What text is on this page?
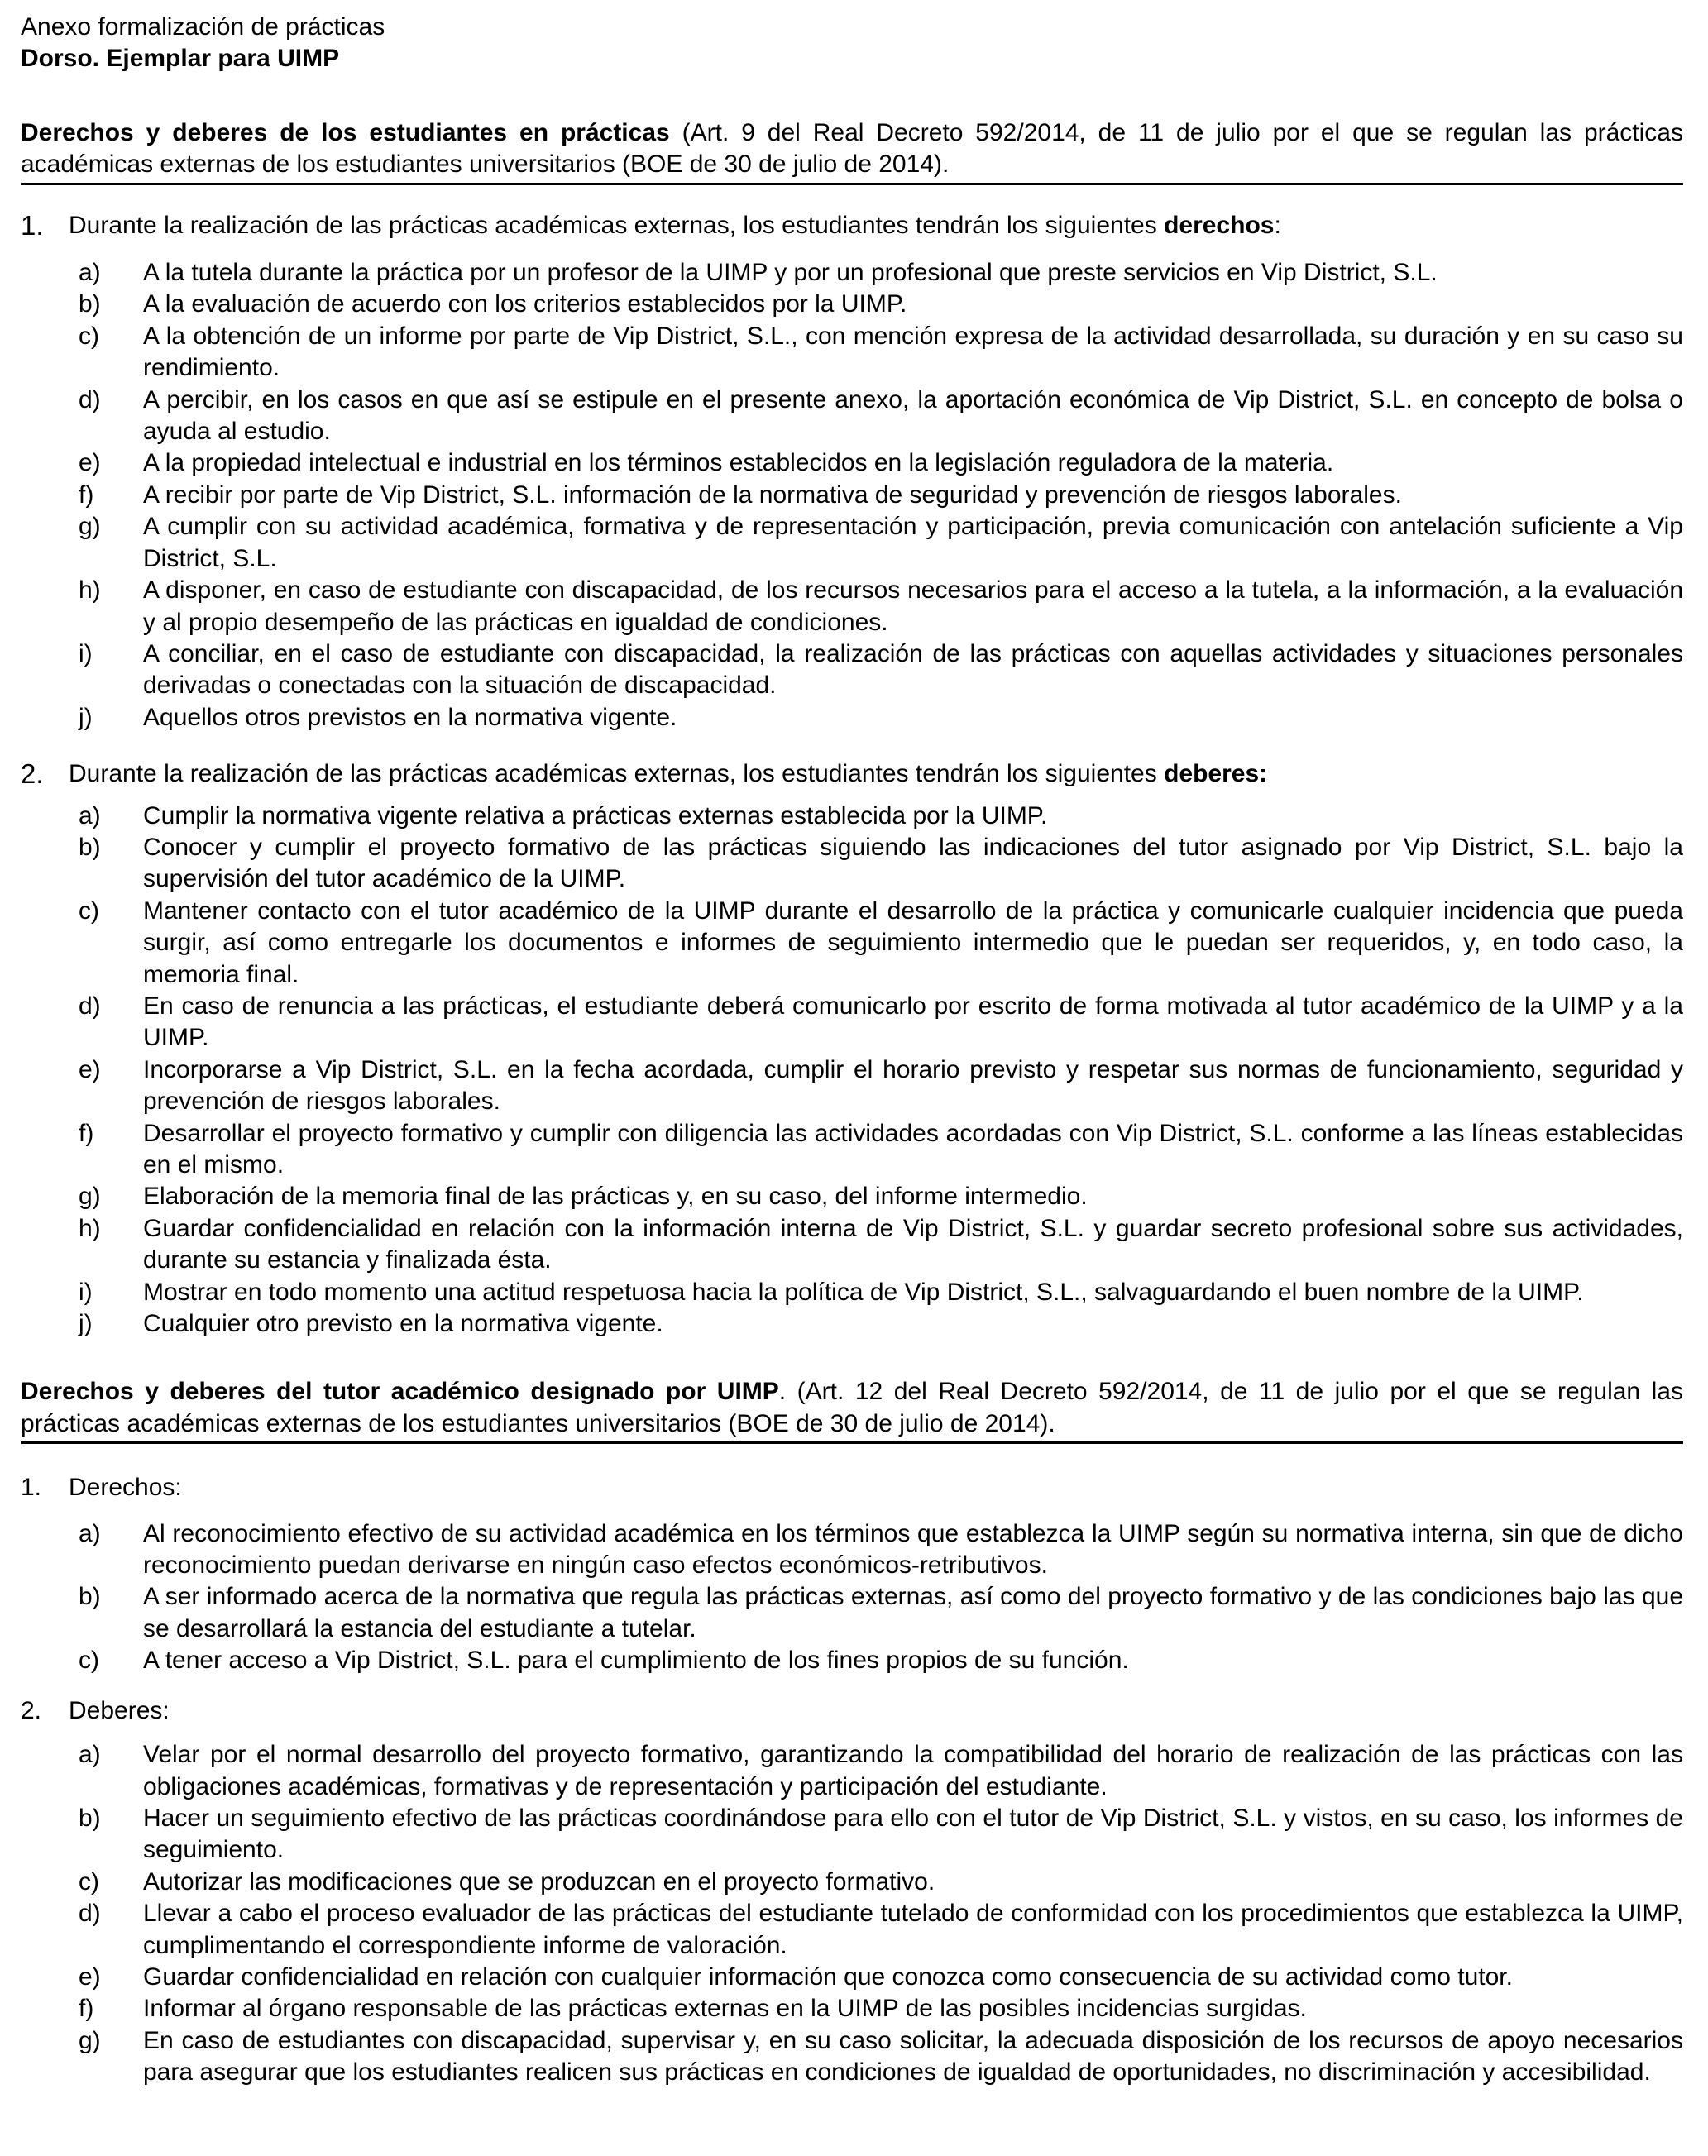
Anexo formalización de prácticas
Dorso. Ejemplar para UIMP
Derechos y deberes de los estudiantes en prácticas (Art. 9 del Real Decreto 592/2014, de 11 de julio por el que se regulan las prácticas académicas externas de los estudiantes universitarios (BOE de 30 de julio de 2014).
1. Durante la realización de las prácticas académicas externas, los estudiantes tendrán los siguientes derechos:
a) A la tutela durante la práctica por un profesor de la UIMP y por un profesional que preste servicios en Vip District, S.L.
b) A la evaluación de acuerdo con los criterios establecidos por la UIMP.
c) A la obtención de un informe por parte de Vip District, S.L., con mención expresa de la actividad desarrollada, su duración y en su caso su rendimiento.
d) A percibir, en los casos en que así se estipule en el presente anexo, la aportación económica de Vip District, S.L. en concepto de bolsa o ayuda al estudio.
e) A la propiedad intelectual e industrial en los términos establecidos en la legislación reguladora de la materia.
f) A recibir por parte de Vip District, S.L. información de la normativa de seguridad y prevención de riesgos laborales.
g) A cumplir con su actividad académica, formativa y de representación y participación, previa comunicación con antelación suficiente a Vip District, S.L.
h) A disponer, en caso de estudiante con discapacidad, de los recursos necesarios para el acceso a la tutela, a la información, a la evaluación y al propio desempeño de las prácticas en igualdad de condiciones.
i) A conciliar, en el caso de estudiante con discapacidad, la realización de las prácticas con aquellas actividades y situaciones personales derivadas o conectadas con la situación de discapacidad.
j) Aquellos otros previstos en la normativa vigente.
2. Durante la realización de las prácticas académicas externas, los estudiantes tendrán los siguientes deberes:
a) Cumplir la normativa vigente relativa a prácticas externas establecida por la UIMP.
b) Conocer y cumplir el proyecto formativo de las prácticas siguiendo las indicaciones del tutor asignado por Vip District, S.L. bajo la supervisión del tutor académico de la UIMP.
c) Mantener contacto con el tutor académico de la UIMP durante el desarrollo de la práctica y comunicarle cualquier incidencia que pueda surgir, así como entregarle los documentos e informes de seguimiento intermedio que le puedan ser requeridos, y, en todo caso, la memoria final.
d) En caso de renuncia a las prácticas, el estudiante deberá comunicarlo por escrito de forma motivada al tutor académico de la UIMP y a la UIMP.
e) Incorporarse a Vip District, S.L. en la fecha acordada, cumplir el horario previsto y respetar sus normas de funcionamiento, seguridad y prevención de riesgos laborales.
f) Desarrollar el proyecto formativo y cumplir con diligencia las actividades acordadas con Vip District, S.L. conforme a las líneas establecidas en el mismo.
g) Elaboración de la memoria final de las prácticas y, en su caso, del informe intermedio.
h) Guardar confidencialidad en relación con la información interna de Vip District, S.L. y guardar secreto profesional sobre sus actividades, durante su estancia y finalizada ésta.
i) Mostrar en todo momento una actitud respetuosa hacia la política de Vip District, S.L., salvaguardando el buen nombre de la UIMP.
j) Cualquier otro previsto en la normativa vigente.
Derechos y deberes del tutor académico designado por UIMP. (Art. 12 del Real Decreto 592/2014, de 11 de julio por el que se regulan las prácticas académicas externas de los estudiantes universitarios (BOE de 30 de julio de 2014).
1. Derechos:
a) Al reconocimiento efectivo de su actividad académica en los términos que establezca la UIMP según su normativa interna, sin que de dicho reconocimiento puedan derivarse en ningún caso efectos económicos-retributivos.
b) A ser informado acerca de la normativa que regula las prácticas externas, así como del proyecto formativo y de las condiciones bajo las que se desarrollará la estancia del estudiante a tutelar.
c) A tener acceso a Vip District, S.L. para el cumplimiento de los fines propios de su función.
2. Deberes:
a) Velar por el normal desarrollo del proyecto formativo, garantizando la compatibilidad del horario de realización de las prácticas con las obligaciones académicas, formativas y de representación y participación del estudiante.
b) Hacer un seguimiento efectivo de las prácticas coordinándose para ello con el tutor de Vip District, S.L. y vistos, en su caso, los informes de seguimiento.
c) Autorizar las modificaciones que se produzcan en el proyecto formativo.
d) Llevar a cabo el proceso evaluador de las prácticas del estudiante tutelado de conformidad con los procedimientos que establezca la UIMP, cumplimentando el correspondiente informe de valoración.
e) Guardar confidencialidad en relación con cualquier información que conozca como consecuencia de su actividad como tutor.
f) Informar al órgano responsable de las prácticas externas en la UIMP de las posibles incidencias surgidas.
g) En caso de estudiantes con discapacidad, supervisar y, en su caso solicitar, la adecuada disposición de los recursos de apoyo necesarios para asegurar que los estudiantes realicen sus prácticas en condiciones de igualdad de oportunidades, no discriminación y accesibilidad.
